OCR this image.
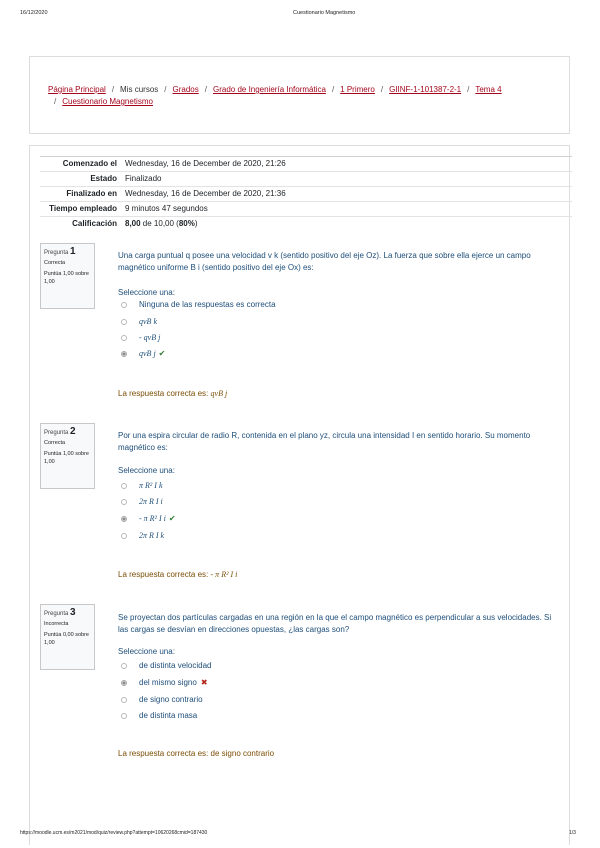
16/12/2020	Cuestionario Magnetismo
Página Principal / Mis cursos / Grados / Grado de Ingeniería Informática / 1 Primero / GIINF-1-101387-2-1 / Tema 4
/ Cuestionario Magnetismo
Comenzado el	Wednesday, 16 de December de 2020, 21:26
Estado	Finalizado
Finalizado en	Wednesday, 16 de December de 2020, 21:36
Tiempo empleado	9 minutos 47 segundos
Calificación	8,00 de 10,00 (80%)
Pregunta 1
Correcta
Puntúa 1,00 sobre 1,00
Una carga puntual q posee una velocidad v k (sentido positivo del eje Oz). La fuerza que sobre ella ejerce un campo magnético uniforme B i (sentido positivo del eje Ox) es:
Seleccione una:
Ninguna de las respuestas es correcta
qvB k
- qvB j
qvB j ✔
La respuesta correcta es: qvB j
Pregunta 2
Correcta
Puntúa 1,00 sobre 1,00
Por una espira circular de radio R, contenida en el plano yz, circula una intensidad I en sentido horario. Su momento magnético es:
Seleccione una:
π R² I k
2π R I i
- π R² I i ✔
2π R I k
La respuesta correcta es: - π R² I i
Pregunta 3
Incorrecta
Puntúa 0,00 sobre 1,00
Se proyectan dos partículas cargadas en una región en la que el campo magnético es perpendicular a sus velocidades. Si las cargas se desvían en direcciones opuestas, ¿las cargas son?
Seleccione una:
de distinta velocidad
del mismo signo ✖
de signo contrario
de distinta masa
La respuesta correcta es: de signo contrario
https://moodle.ucm.es/m2021/mod/quiz/review.php?attempt=10620268cmid=187430	1/3
